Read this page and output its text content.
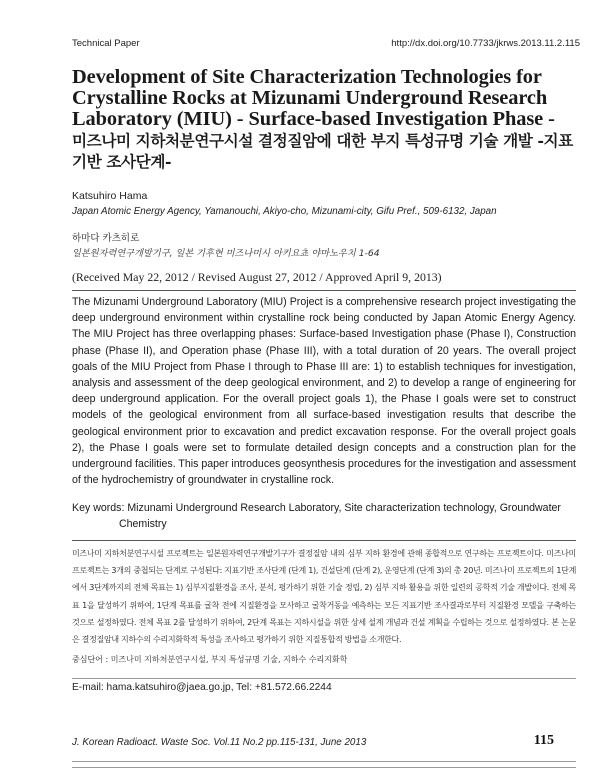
Technical Paper	http://dx.doi.org/10.7733/jkrws.2013.11.2.115
Development of Site Characterization Technologies for Crystalline Rocks at Mizunami Underground Research Laboratory (MIU) - Surface-based Investigation Phase -
미즈나미 지하처분연구시설 결정질암에 대한 부지 특성규명 기술 개발 -지표기반 조사단계-
Katsuhiro Hama
Japan Atomic Energy Agency, Yamanouchi, Akiyo-cho, Mizunami-city, Gifu Pref., 509-6132, Japan
하마다 카츠히로
일본원자력연구개발기구, 일본 기후현 미즈나미시 아키요쵸 야마노우치 1-64
(Received May 22, 2012 / Revised August 27, 2012 / Approved April 9, 2013)

The Mizunami Underground Laboratory (MIU) Project is a comprehensive research project investigating the deep underground environment within crystalline rock being conducted by Japan Atomic Energy Agency. The MIU Project has three overlapping phases: Surface-based Investigation phase (Phase I), Construction phase (Phase II), and Operation phase (Phase III), with a total duration of 20 years. The overall project goals of the MIU Project from Phase I through to Phase III are: 1) to establish techniques for investigation, analysis and assessment of the deep geological environment, and 2) to develop a range of engineering for deep underground application. For the overall project goals 1), the Phase I goals were set to construct models of the geological environment from all surface-based investigation results that describe the geological environment prior to excavation and predict excavation response. For the overall project goals 2), the Phase I goals were set to formulate detailed design concepts and a construction plan for the underground facilities. This paper introduces geosynthesis procedures for the investigation and assessment of the hydrochemistry of groundwater in crystalline rock.

Key words: Mizunami Underground Research Laboratory, Site characterization technology, Groundwater Chemistry

미즈나미 지하처분연구시설 프로젝트는 일본원자력연구개발기구가 결정질암 내의 심부 지하 환경에 관해 종합적으로 연구하는 프로젝트이다. 미즈나미 프로젝트는 3개의 중첩되는 단계로 구성된다: 지표기반 조사단계 (단계 1), 건설단계 (단계 2), 운영단계 (단계 3)의 총 20년. 미즈나미 프로젝트의 1단계에서 3단계까지의 전체 목표는 1) 심부지질환경을 조사, 분석, 평가하기 위한 기술 정립, 2) 심부 지하 활용을 위한 일련의 공학적 기술 개발이다. 전체 목표 1을 달성하기 위하여, 1단계 목표를 굴착 전에 지질환경을 모사하고 굴착거동을 예측하는 모든 지표기반 조사결과로부터 지질환경 모델을 구축하는 것으로 설정하였다. 전체 목표 2를 달성하기 위하여, 2단계 목표는 지하시설을 위한 상세 설계 개념과 건설 계획을 수립하는 것으로 설정하였다. 본 논문은 결정질암내 지하수의 수리지화학적 특성을 조사하고 평가하기 위한 지질통합적 방법을 소개한다.

중심단어 : 미즈나미 지하처분연구시설, 부지 특성규명 기술, 지하수 수리지화학

E-mail: hama.katsuhiro@jaea.go.jp, Tel: +81.572.66.2244
J. Korean Radioact. Waste Soc. Vol.11 No.2 pp.115-131, June 2013	115
